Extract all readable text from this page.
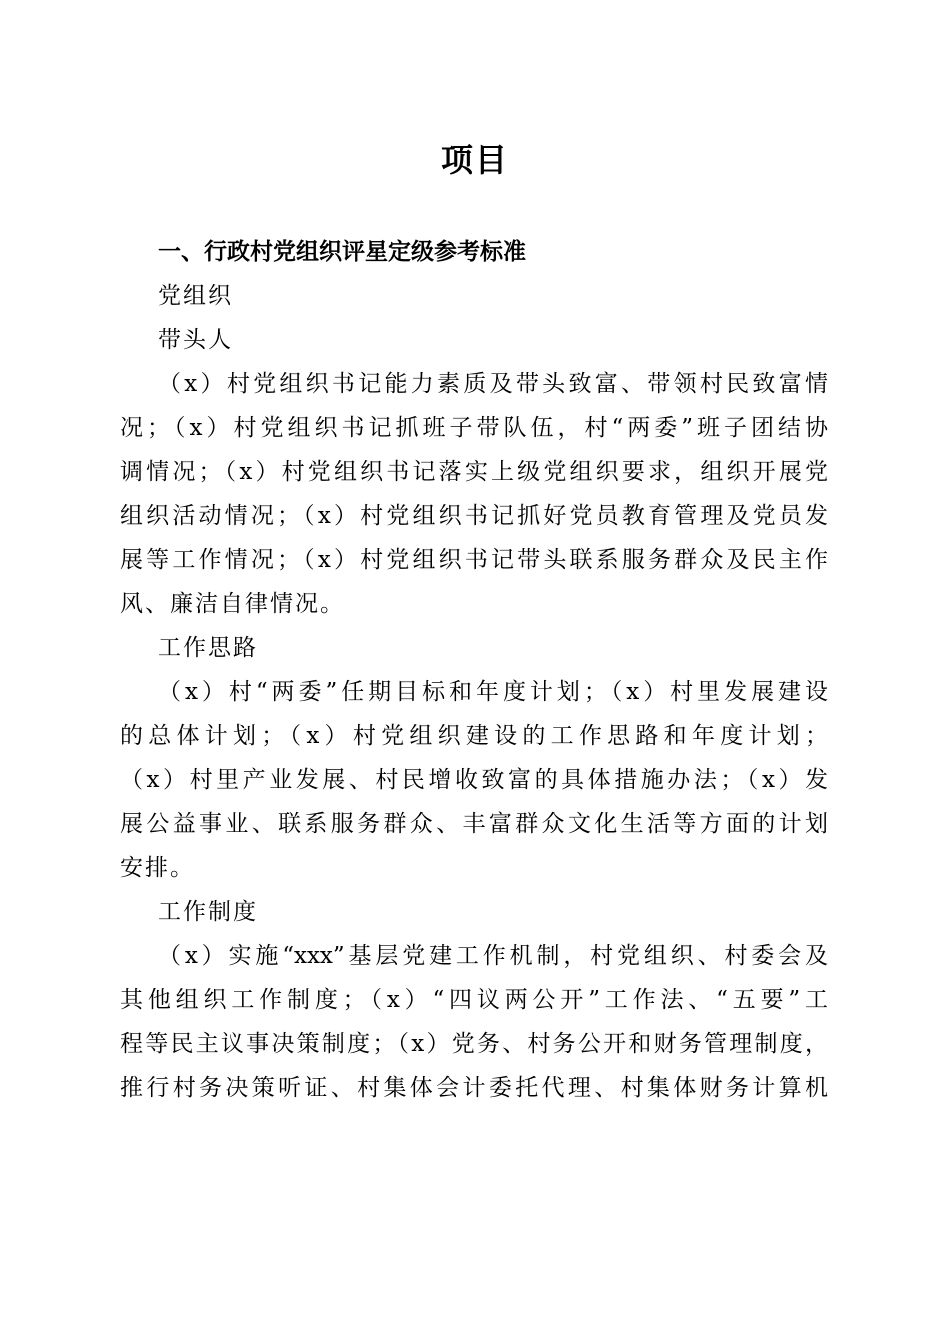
项目
一、行政村党组织评星定级参考标准
党组织
带头人
（x）村党组织书记能力素质及带头致富、带领村民致富情
况；（x）村党组织书记抓班子带队伍，村“两委”班子团结协
调情况；（x）村党组织书记落实上级党组织要求，组织开展党
组织活动情况；（x）村党组织书记抓好党员教育管理及党员发
展等工作情况；（x）村党组织书记带头联系服务群众及民主作
风、廉洁自律情况。
工作思路
（x）村“两委”任期目标和年度计划；（x）村里发展建设
的总体计划；（x）村党组织建设的工作思路和年度计划；
（x）村里产业发展、村民增收致富的具体措施办法；（x）发
展公益事业、联系服务群众、丰富群众文化生活等方面的计划
安排。
工作制度
（x）实施“xxx”基层党建工作机制，村党组织、村委会及
其他组织工作制度；（x）“四议两公开”工作法、“五要”工
程等民主议事决策制度；（x）党务、村务公开和财务管理制度，
推行村务决策听证、村集体会计委托代理、村集体财务计算机
